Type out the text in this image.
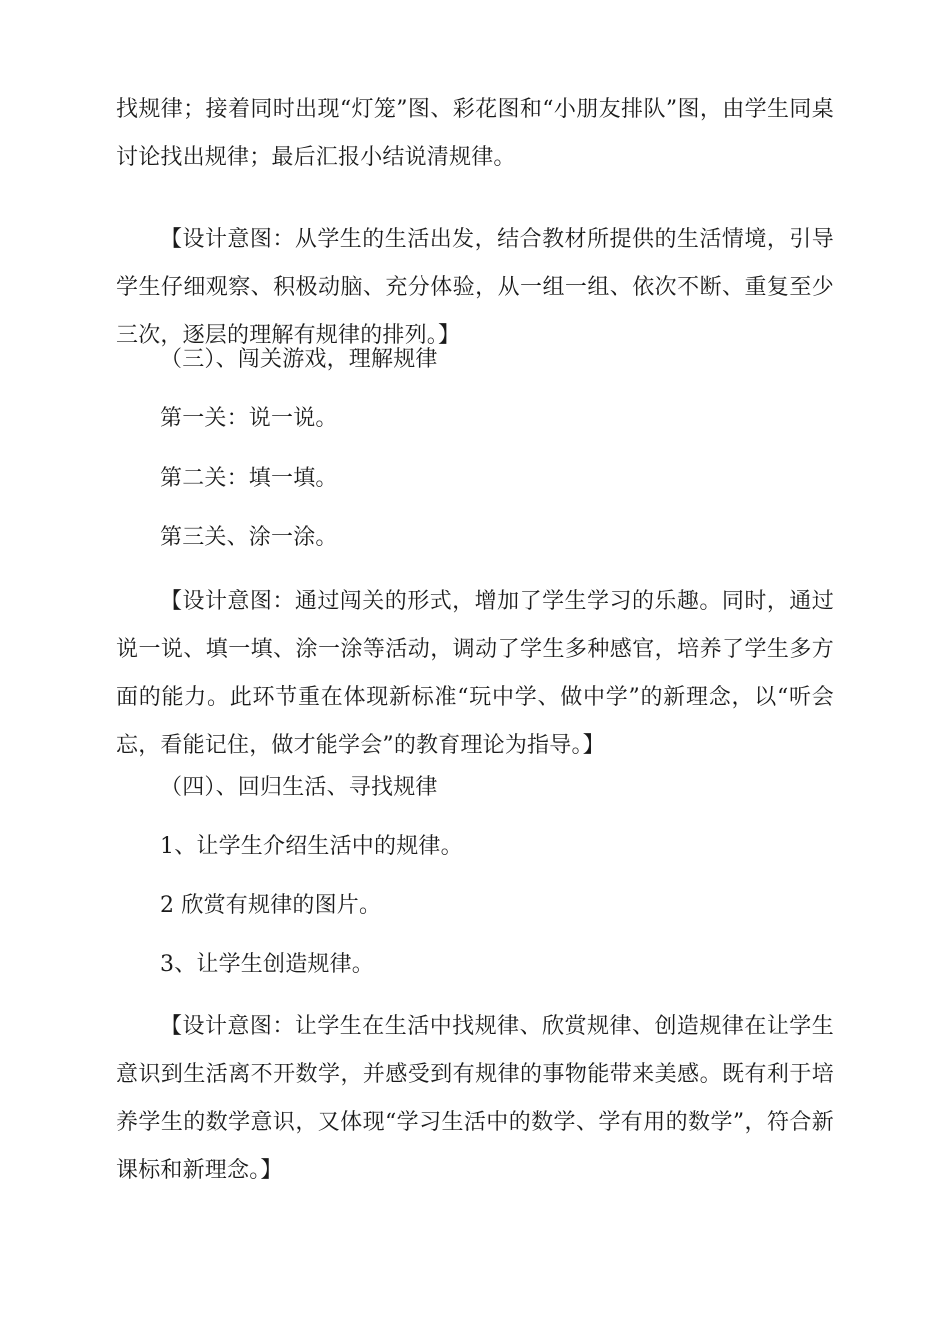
找规律；接着同时出现“灯笼”图、彩花图和“小朋友排队”图，由学生同桌讨论找出规律；最后汇报小结说清规律。

【设计意图：从学生的生活出发，结合教材所提供的生活情境，引导学生仔细观察、积极动脑、充分体验，从一组一组、依次不断、重复至少三次，逐层的理解有规律的排列。】

（三）、闯关游戏，理解规律

第一关：说一说。

第二关：填一填。

第三关、涂一涂。

【设计意图：通过闯关的形式，增加了学生学习的乐趣。同时，通过说一说、填一填、涂一涂等活动，调动了学生多种感官，培养了学生多方面的能力。此环节重在体现新标准“玩中学、做中学”的新理念，以“听会忘，看能记住，做才能学会”的教育理论为指导。】

（四）、回归生活、寻找规律

1、让学生介绍生活中的规律。

2 欣赏有规律的图片。

3、让学生创造规律。

【设计意图：让学生在生活中找规律、欣赏规律、创造规律在让学生意识到生活离不开数学，并感受到有规律的事物能带来美感。既有利于培养学生的数学意识，又体现“学习生活中的数学、学有用的数学”，符合新课标和新理念。】
